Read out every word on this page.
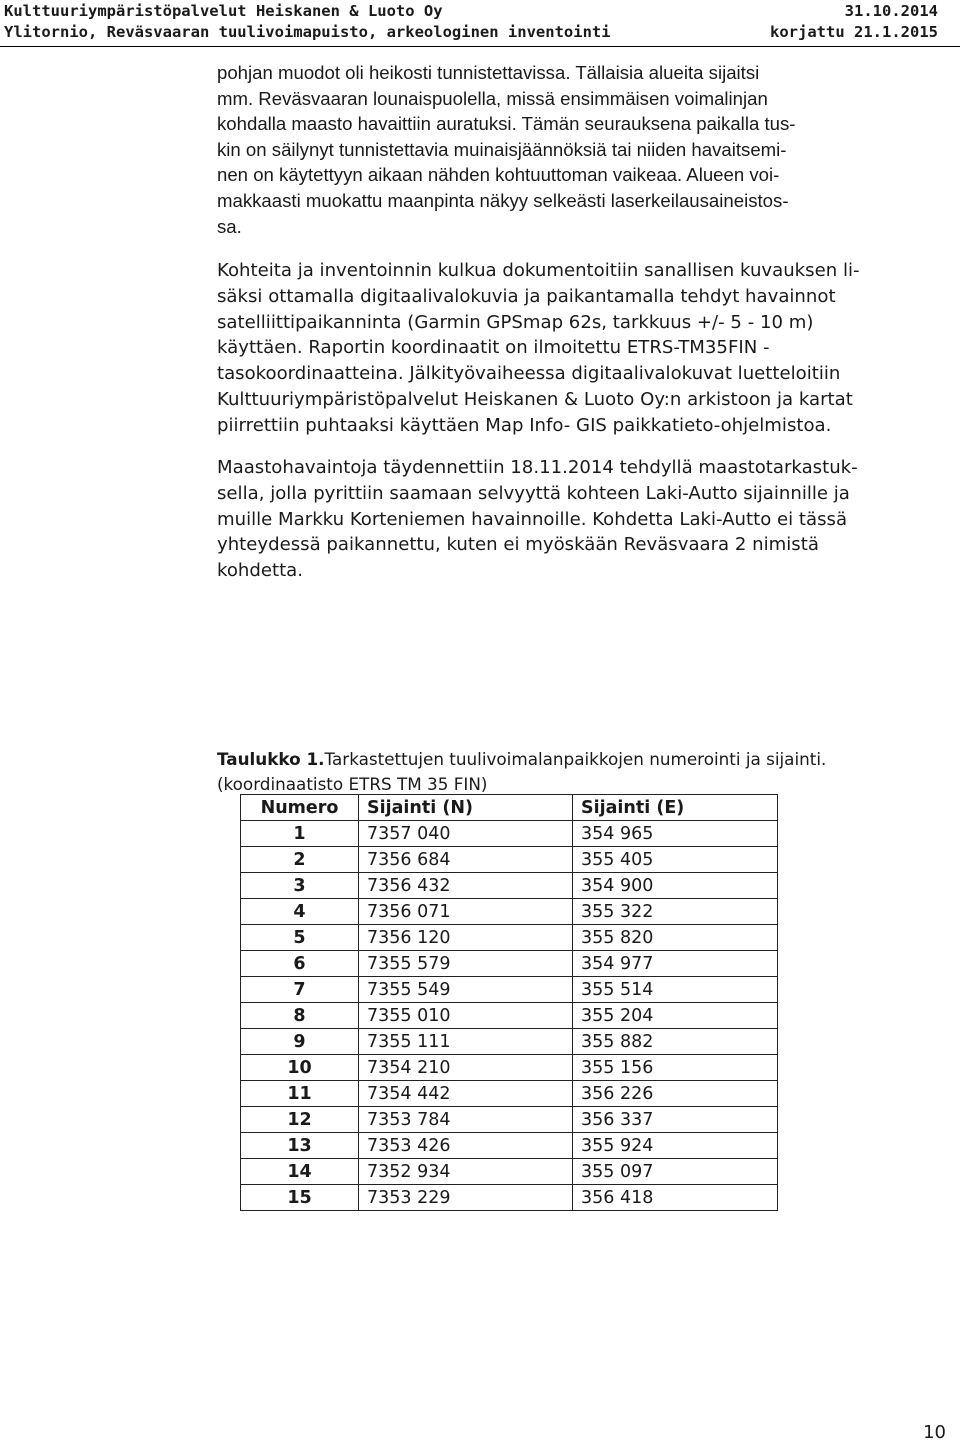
Kulttuuriympäristöpalvelut Heiskanen & Luoto Oy	31.10.2014
Ylitornio, Reväsvaaran tuulivoimapuisto, arkeologinen inventointi	korjattu 21.1.2015
pohjan muodot oli heikosti tunnistettavissa. Tällaisia alueita sijaitsi
mm. Reväsvaaran lounaispuolella, missä ensimmäisen voimalinjan
kohdalla maasto havaittiin auratuksi. Tämän seurauksena paikalla tus-
kin on säilynyt tunnistettavia muinaisjäännöksiä tai niiden havaitsemi-
nen on käytettyyn aikaan nähden kohtuuttoman vaikeaa. Alueen voi-
makkaasti muokattu maanpinta näkyy selkeästi laserkeilausaineistos-
sa.
Kohteita ja inventoinnin kulkua dokumentoitiin sanallisen kuvauksen li-
säksi ottamalla digitaalivalokuvia ja paikantamalla tehdyt havainnot
satelliittipaikanninta (Garmin GPSmap 62s, tarkkuus +/- 5 - 10 m)
käyttäen. Raportin koordinaatit on ilmoitettu ETRS-TM35FIN -
tasokoordinaatteina. Jälkityövaiheessa digitaalivalokuvat luetteloitiin
Kulttuuriympäristöpalvelut Heiskanen & Luoto Oy:n arkistoon ja kartat
piirrettiin puhtaaksi käyttäen Map Info- GIS paikkatieto-ohjelmistoa.
Maastohavaintoja täydennettiin 18.11.2014 tehdyllä maastotarkastuk-
sella, jolla pyrittiin saamaan selvyyttä kohteen Laki-Autto sijainnille ja
muille Markku Korteniemen havainnoille. Kohdetta Laki-Autto ei tässä
yhteydessä paikannettu, kuten ei myöskään Reväsvaara 2 nimistä
kohdetta.
Taulukko 1.Tarkastettujen tuulivoimalanpaikkojen numerointi ja sijainti.
(koordinaatisto ETRS TM 35 FIN)
Numero	Sijainti (N)	Sijainti (E)
1	7357 040	354 965
2	7356 684	355 405
3	7356 432	354 900
4	7356 071	355 322
5	7356 120	355 820
6	7355 579	354 977
7	7355 549	355 514
8	7355 010	355 204
9	7355 111	355 882
10	7354 210	355 156
11	7354 442	356 226
12	7353 784	356 337
13	7353 426	355 924
14	7352 934	355 097
15	7353 229	356 418
10
